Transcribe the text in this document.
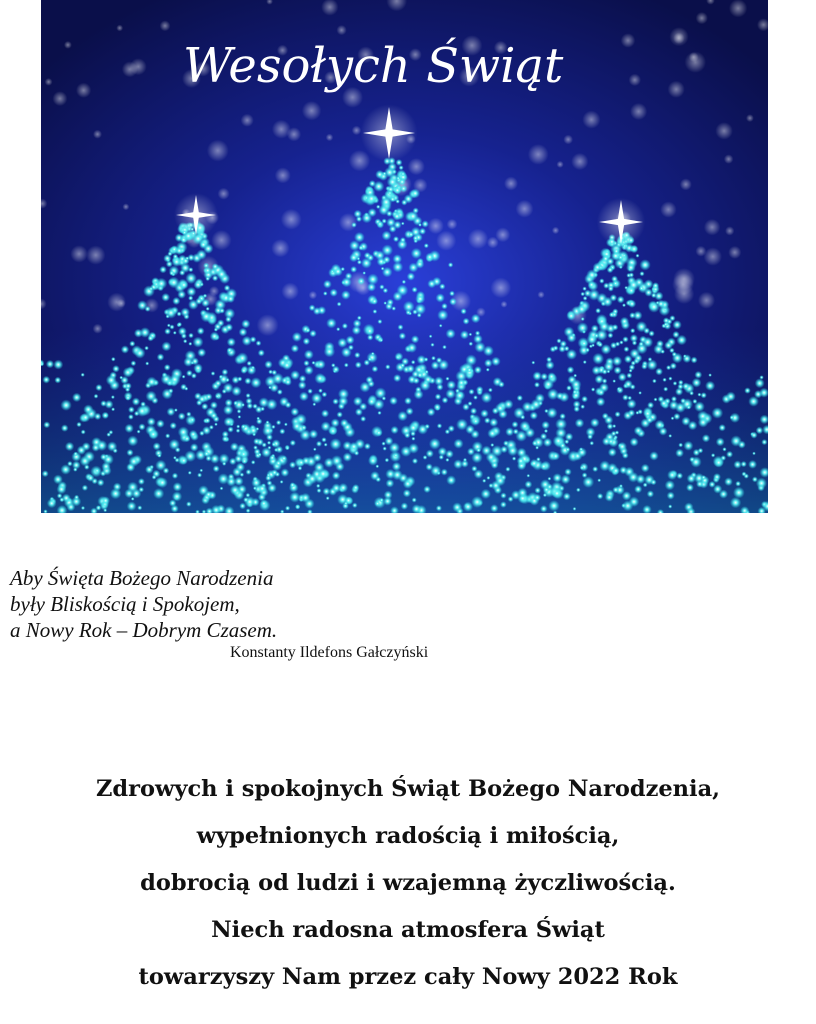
Wesołych Świąt
Aby Święta Bożego Narodzenia
były Bliskością i Spokojem,
a Nowy Rok – Dobrym Czasem.
Konstanty Ildefons Gałczyński
Zdrowych i spokojnych Świąt Bożego Narodzenia,
wypełnionych radością i miłością,
dobrocią od ludzi i wzajemną życzliwością.
Niech radosna atmosfera Świąt
towarzyszy Nam przez cały Nowy 2022 Rok
